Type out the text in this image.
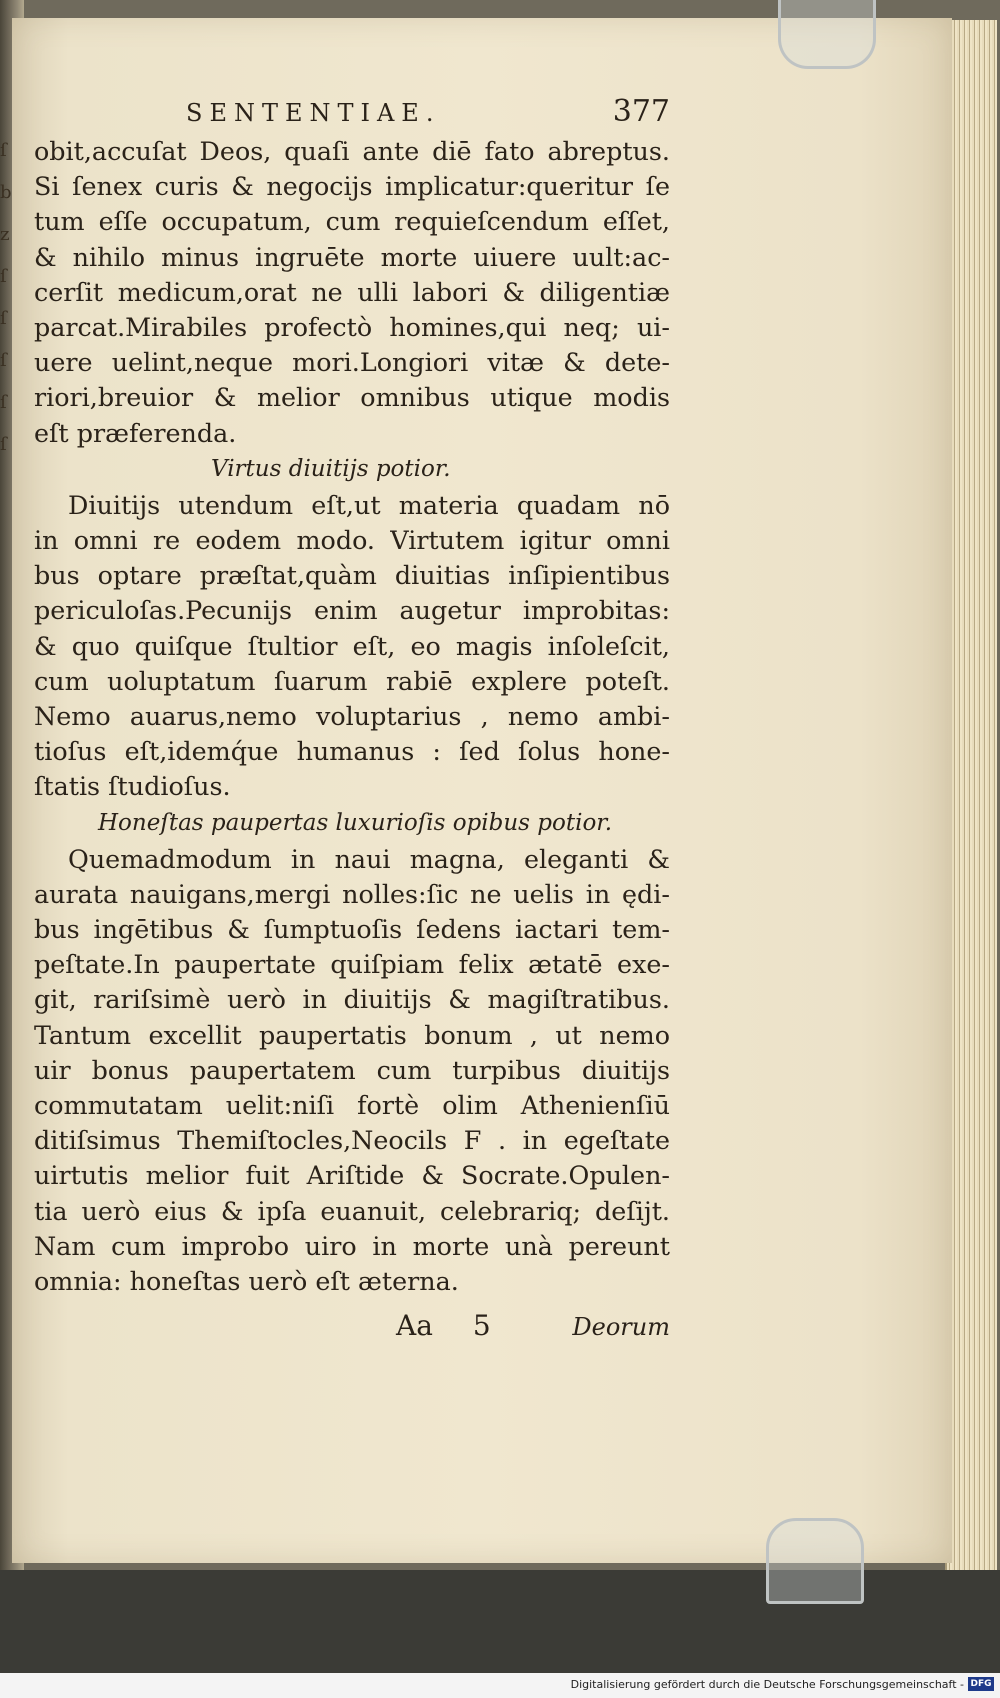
ſ
b
z
ſ
ſ
ſ
ſ
ſ
SENTENTIAE.	377
obit,accuſat Deos, quaſi ante diē fato abreptus.
Si ſenex curis & negocijs implicatur:queritur ſe
tum eſſe occupatum, cum requieſcendum eſſet,
& nihilo minus ingruēte morte uiuere uult:ac-
cerſit medicum,orat ne ulli labori & diligentiæ
parcat.Mirabiles profectò homines,qui neq; ui-
uere uelint,neque mori.Longiori vitæ & dete-
riori,breuior & melior omnibus utique modis
eſt præferenda.
Virtus diuitijs potior.
Diuitijs utendum eſt,ut materia quadam nō
in omni re eodem modo. Virtutem igitur omni
bus optare præſtat,quàm diuitias inſipientibus
periculoſas.Pecunijs enim augetur improbitas:
& quo quiſque ſtultior eſt, eo magis inſoleſcit,
cum uoluptatum ſuarum rabiē explere poteſt.
Nemo auarus,nemo voluptarius , nemo ambi-
tioſus eſt,idemq́ue humanus : ſed ſolus hone-
ſtatis ſtudioſus.
Honeſtas paupertas luxurioſis opibus potior.
Quemadmodum in naui magna, eleganti &
aurata nauigans,mergi nolles:ſic ne uelis in ędi-
bus ingētibus & ſumptuoſis ſedens iactari tem-
peſtate.In paupertate quiſpiam felix ætatē exe-
git, rariſsimè uerò in diuitijs & magiſtratibus.
Tantum excellit paupertatis bonum , ut nemo
uir bonus paupertatem cum turpibus diuitijs
commutatam uelit:niſi fortè olim Athenienſiū
ditiſsimus Themiſtocles,Neocils F . in egeſtate
uirtutis melior fuit Ariſtide & Socrate.Opulen-
tia uerò eius & ipſa euanuit, celebrariq; deſijt.
Nam cum improbo uiro in morte unà pereunt
omnia: honeſtas uerò eſt æterna.
Aa 5	Deorum
Digitalisierung gefördert durch die Deutsche Forschungsgemeinschaft - DFG
